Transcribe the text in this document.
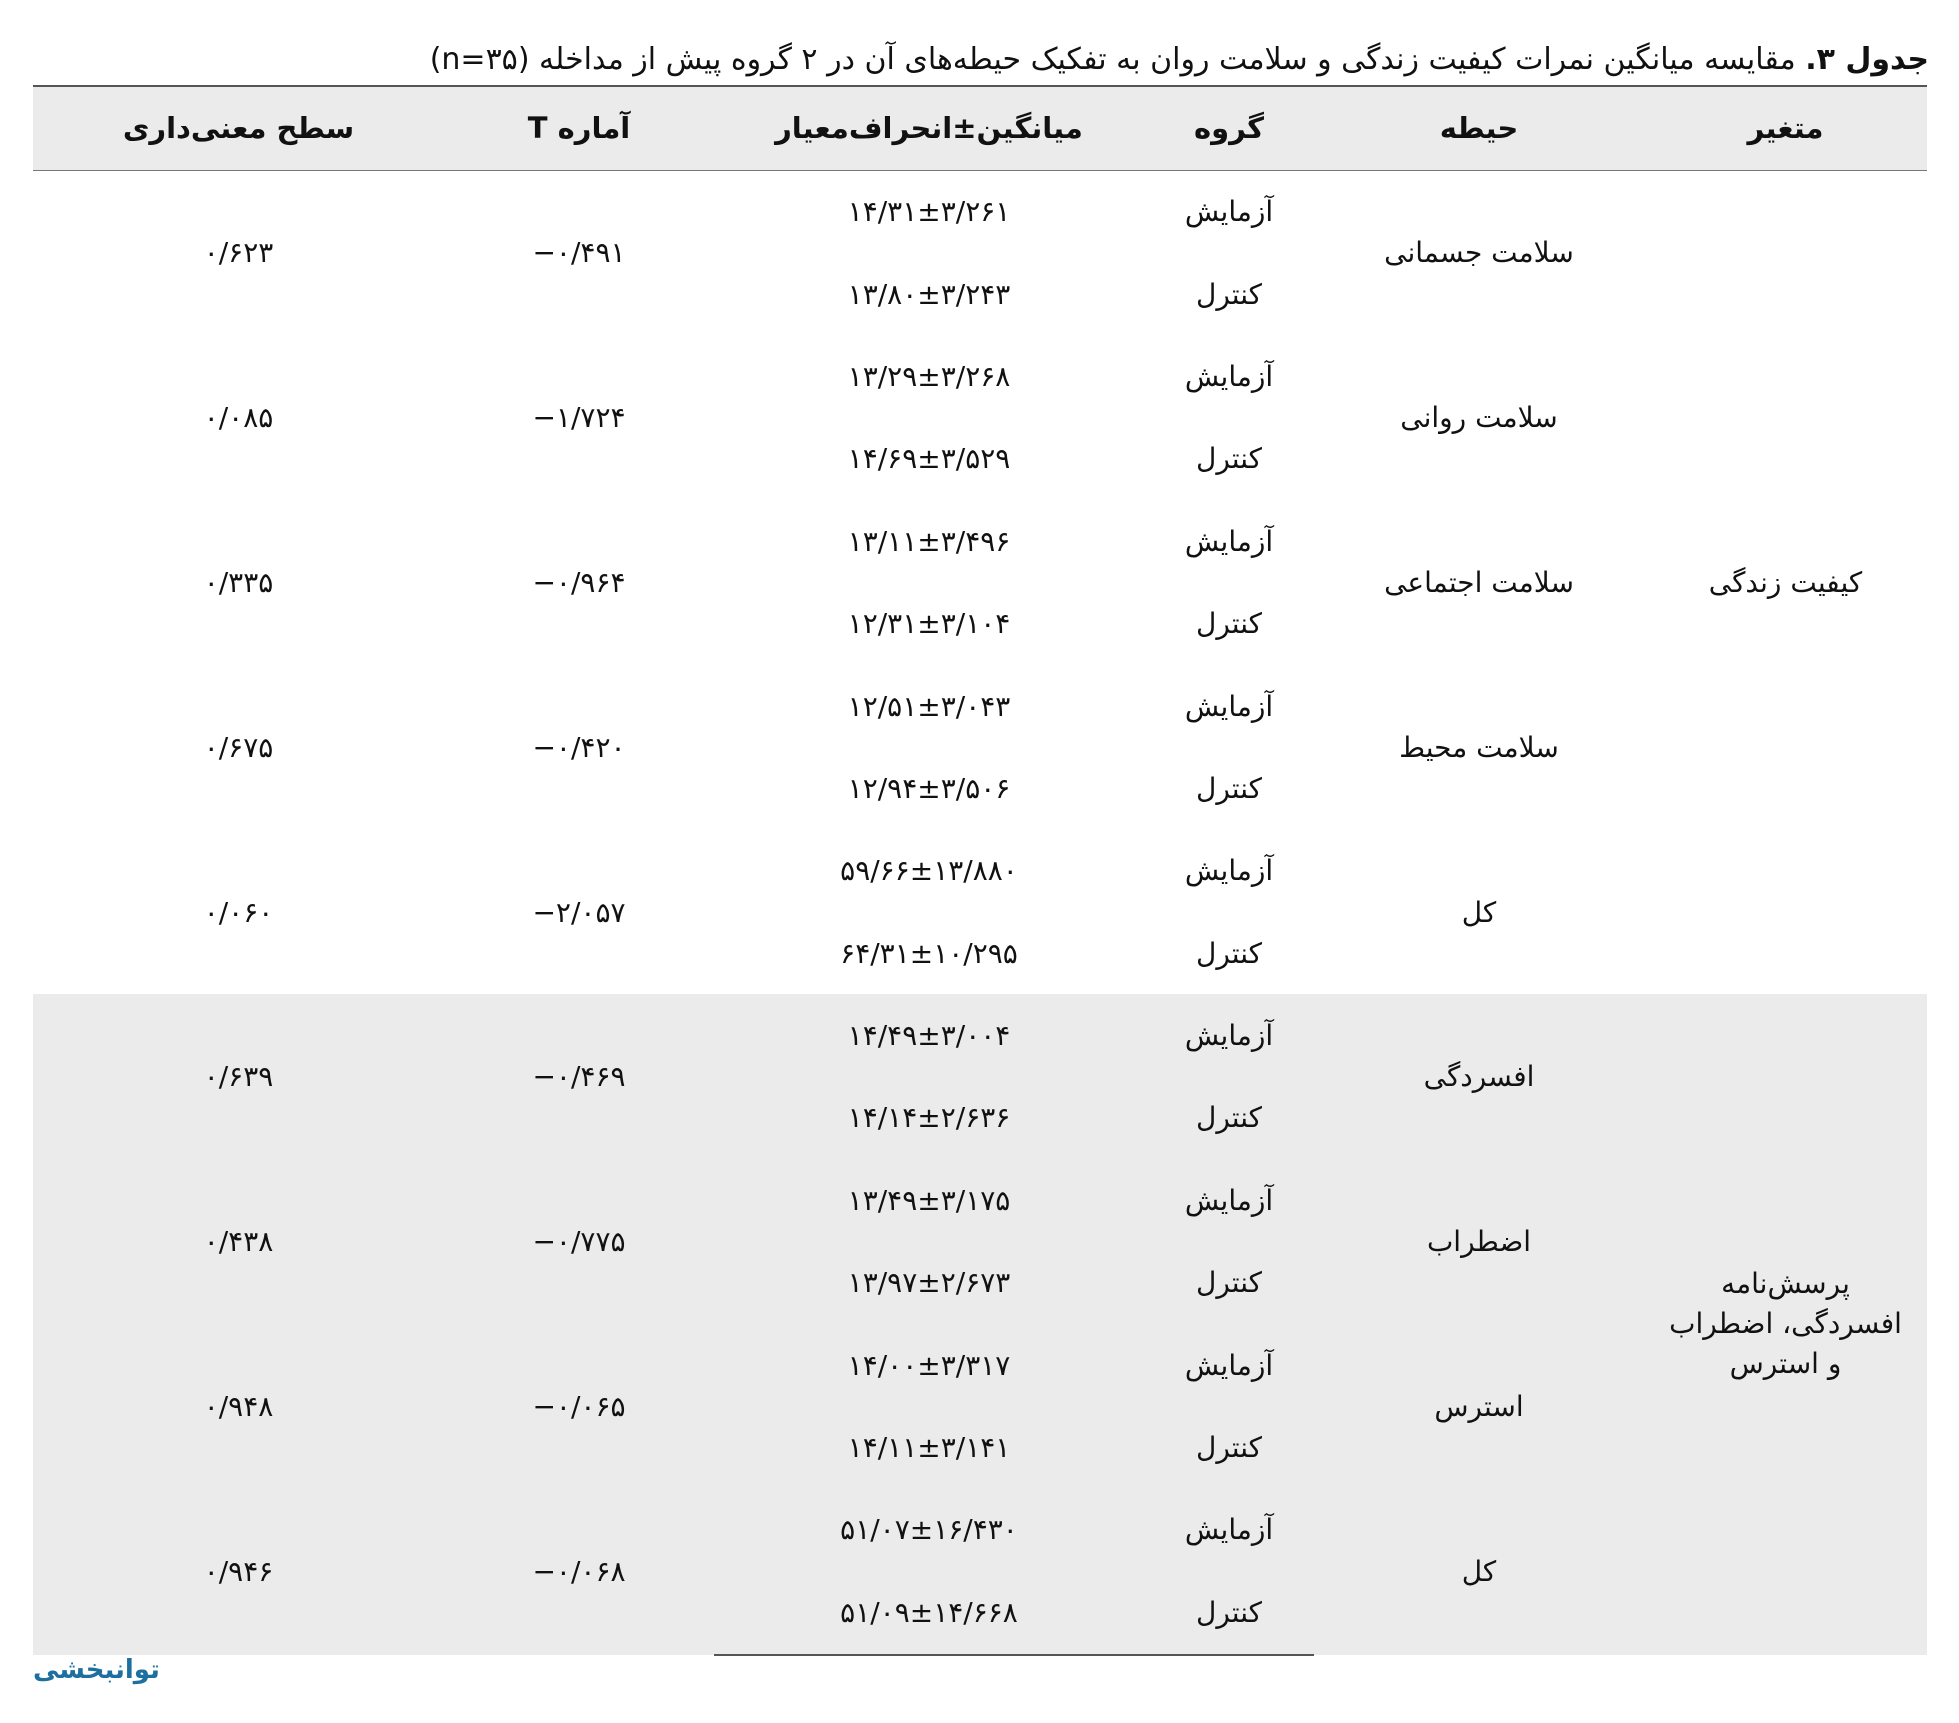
جدول ۳. مقایسه میانگین نمرات کیفیت زندگی و سلامت روان به تفکیک حیطه‌های آن در ۲ گروه پیش از مداخله (n=۳۵)
متغیر	حیطه	گروه	میانگین±انحراف‌معیار	آماره T	سطح معنی‌داری
کیفیت زندگی	سلامت جسمانی	آزمایش	۱۴/۳۱±۳/۲۶۱	−۰/۴۹۱	۰/۶۲۳
		کنترل	۱۳/۸۰±۳/۲۴۳		
	سلامت روانی	آزمایش	۱۳/۲۹±۳/۲۶۸	−۱/۷۲۴	۰/۰۸۵
		کنترل	۱۴/۶۹±۳/۵۲۹		
	سلامت اجتماعی	آزمایش	۱۳/۱۱±۳/۴۹۶	−۰/۹۶۴	۰/۳۳۵
		کنترل	۱۲/۳۱±۳/۱۰۴		
	سلامت محیط	آزمایش	۱۲/۵۱±۳/۰۴۳	−۰/۴۲۰	۰/۶۷۵
		کنترل	۱۲/۹۴±۳/۵۰۶		
	کل	آزمایش	۵۹/۶۶±۱۳/۸۸۰	−۲/۰۵۷	۰/۰۶۰
		کنترل	۶۴/۳۱±۱۰/۲۹۵		
پرسش‌نامه افسردگی، اضطراب و استرس	افسردگی	آزمایش	۱۴/۴۹±۳/۰۰۴	−۰/۴۶۹	۰/۶۳۹
		کنترل	۱۴/۱۴±۲/۶۳۶		
	اضطراب	آزمایش	۱۳/۴۹±۳/۱۷۵	−۰/۷۷۵	۰/۴۳۸
		کنترل	۱۳/۹۷±۲/۶۷۳		
	استرس	آزمایش	۱۴/۰۰±۳/۳۱۷	−۰/۰۶۵	۰/۹۴۸
		کنترل	۱۴/۱۱±۳/۱۴۱		
	کل	آزمایش	۵۱/۰۷±۱۶/۴۳۰	−۰/۰۶۸	۰/۹۴۶
		کنترل	۵۱/۰۹±۱۴/۶۶۸		
توانبخشی
